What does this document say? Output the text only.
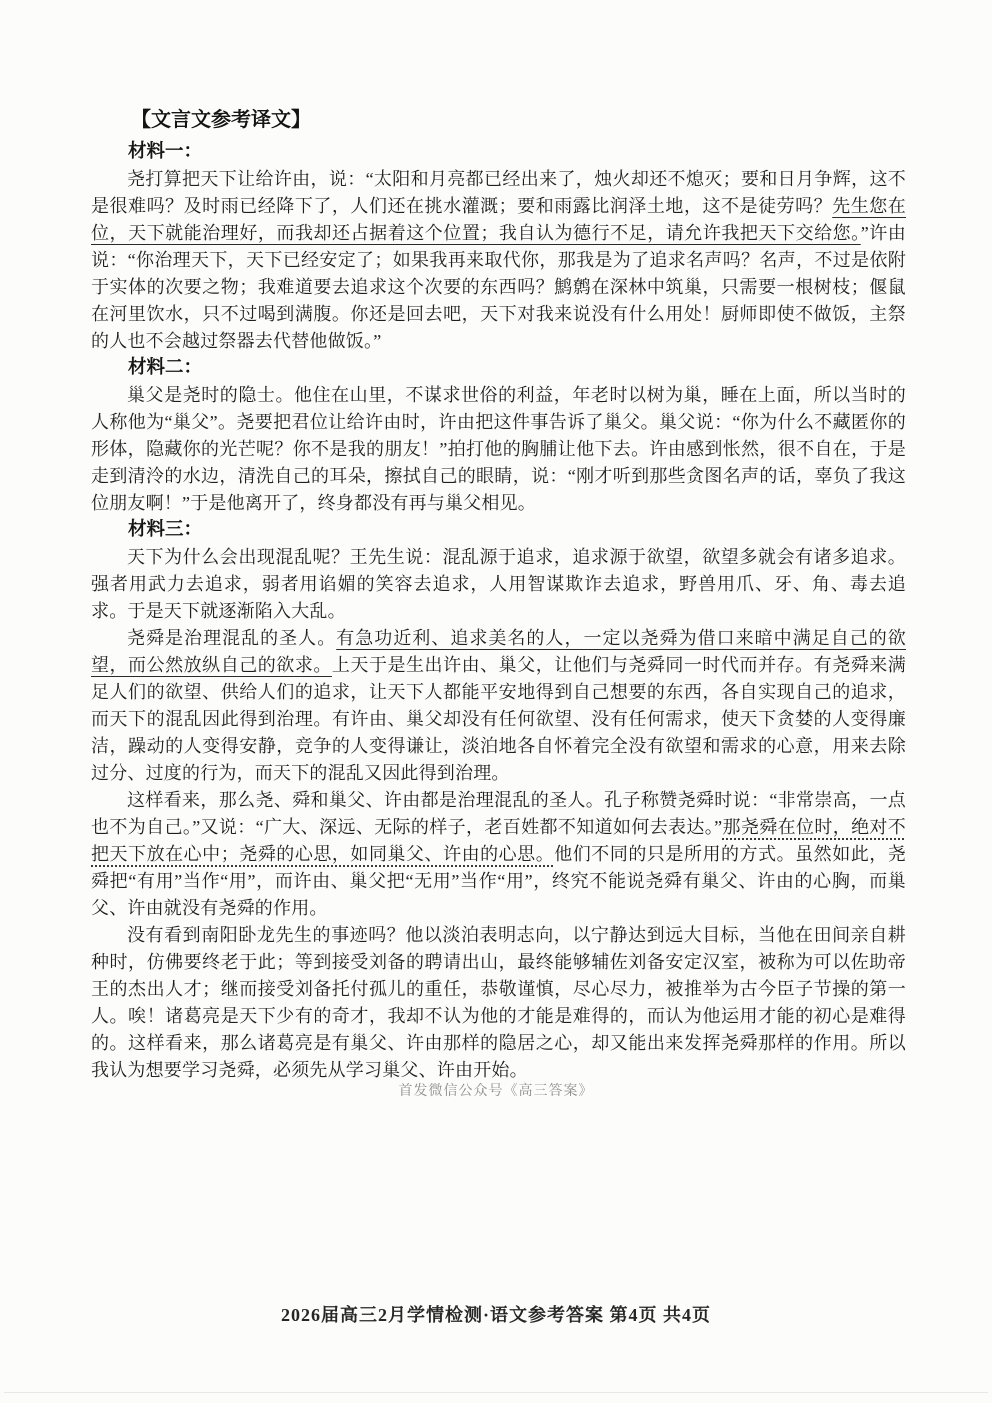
【文言文参考译文】
材料一：

尧打算把天下让给许由，说：“太阳和月亮都已经出来了，烛火却还不熄灭；要和日月争辉，这不是很难吗？及时雨已经降下了，人们还在挑水灌溉；要和雨露比润泽土地，这不是徒劳吗？先生您在位，天下就能治理好，而我却还占据着这个位置；我自认为德行不足，请允许我把天下交给您。”许由说：“你治理天下，天下已经安定了；如果我再来取代你，那我是为了追求名声吗？名声，不过是依附于实体的次要之物；我难道要去追求这个次要的东西吗？鹪鹩在深林中筑巢，只需要一根树枝；偃鼠在河里饮水，只不过喝到满腹。你还是回去吧，天下对我来说没有什么用处！厨师即使不做饭，主祭的人也不会越过祭器去代替他做饭。”

材料二：

巢父是尧时的隐士。他住在山里，不谋求世俗的利益，年老时以树为巢，睡在上面，所以当时的人称他为“巢父”。尧要把君位让给许由时，许由把这件事告诉了巢父。巢父说：“你为什么不藏匿你的形体，隐藏你的光芒呢？你不是我的朋友！”拍打他的胸脯让他下去。许由感到怅然，很不自在，于是走到清泠的水边，清洗自己的耳朵，擦拭自己的眼睛，说：“刚才听到那些贪图名声的话，辜负了我这位朋友啊！”于是他离开了，终身都没有再与巢父相见。

材料三：

天下为什么会出现混乱呢？王先生说：混乱源于追求，追求源于欲望，欲望多就会有诸多追求。强者用武力去追求，弱者用谄媚的笑容去追求，人用智谋欺诈去追求，野兽用爪、牙、角、毒去追求。于是天下就逐渐陷入大乱。

尧舜是治理混乱的圣人。有急功近利、追求美名的人，一定以尧舜为借口来暗中满足自己的欲望，而公然放纵自己的欲求。上天于是生出许由、巢父，让他们与尧舜同一时代而并存。有尧舜来满足人们的欲望、供给人们的追求，让天下人都能平安地得到自己想要的东西，各自实现自己的追求，而天下的混乱因此得到治理。有许由、巢父却没有任何欲望、没有任何需求，使天下贪婪的人变得廉洁，躁动的人变得安静，竞争的人变得谦让，淡泊地各自怀着完全没有欲望和需求的心意，用来去除过分、过度的行为，而天下的混乱又因此得到治理。

这样看来，那么尧、舜和巢父、许由都是治理混乱的圣人。孔子称赞尧舜时说：“非常崇高，一点也不为自己。”又说：“广大、深远、无际的样子，老百姓都不知道如何去表达。”那尧舜在位时，绝对不把天下放在心中；尧舜的心思，如同巢父、许由的心思。他们不同的只是所用的方式。虽然如此，尧舜把“有用”当作“用”，而许由、巢父把“无用”当作“用”，终究不能说尧舜有巢父、许由的心胸，而巢父、许由就没有尧舜的作用。

没有看到南阳卧龙先生的事迹吗？他以淡泊表明志向，以宁静达到远大目标，当他在田间亲自耕种时，仿佛要终老于此；等到接受刘备的聘请出山，最终能够辅佐刘备安定汉室，被称为可以佐助帝王的杰出人才；继而接受刘备托付孤儿的重任，恭敬谨慎，尽心尽力，被推举为古今臣子节操的第一人。唉！诸葛亮是天下少有的奇才，我却不认为他的才能是难得的，而认为他运用才能的初心是难得的。这样看来，那么诸葛亮是有巢父、许由那样的隐居之心，却又能出来发挥尧舜那样的作用。所以我认为想要学习尧舜，必须先从学习巢父、许由开始。

首发微信公众号《高三答案》
2026届高三2月学情检测·语文参考答案 第4页 共4页
